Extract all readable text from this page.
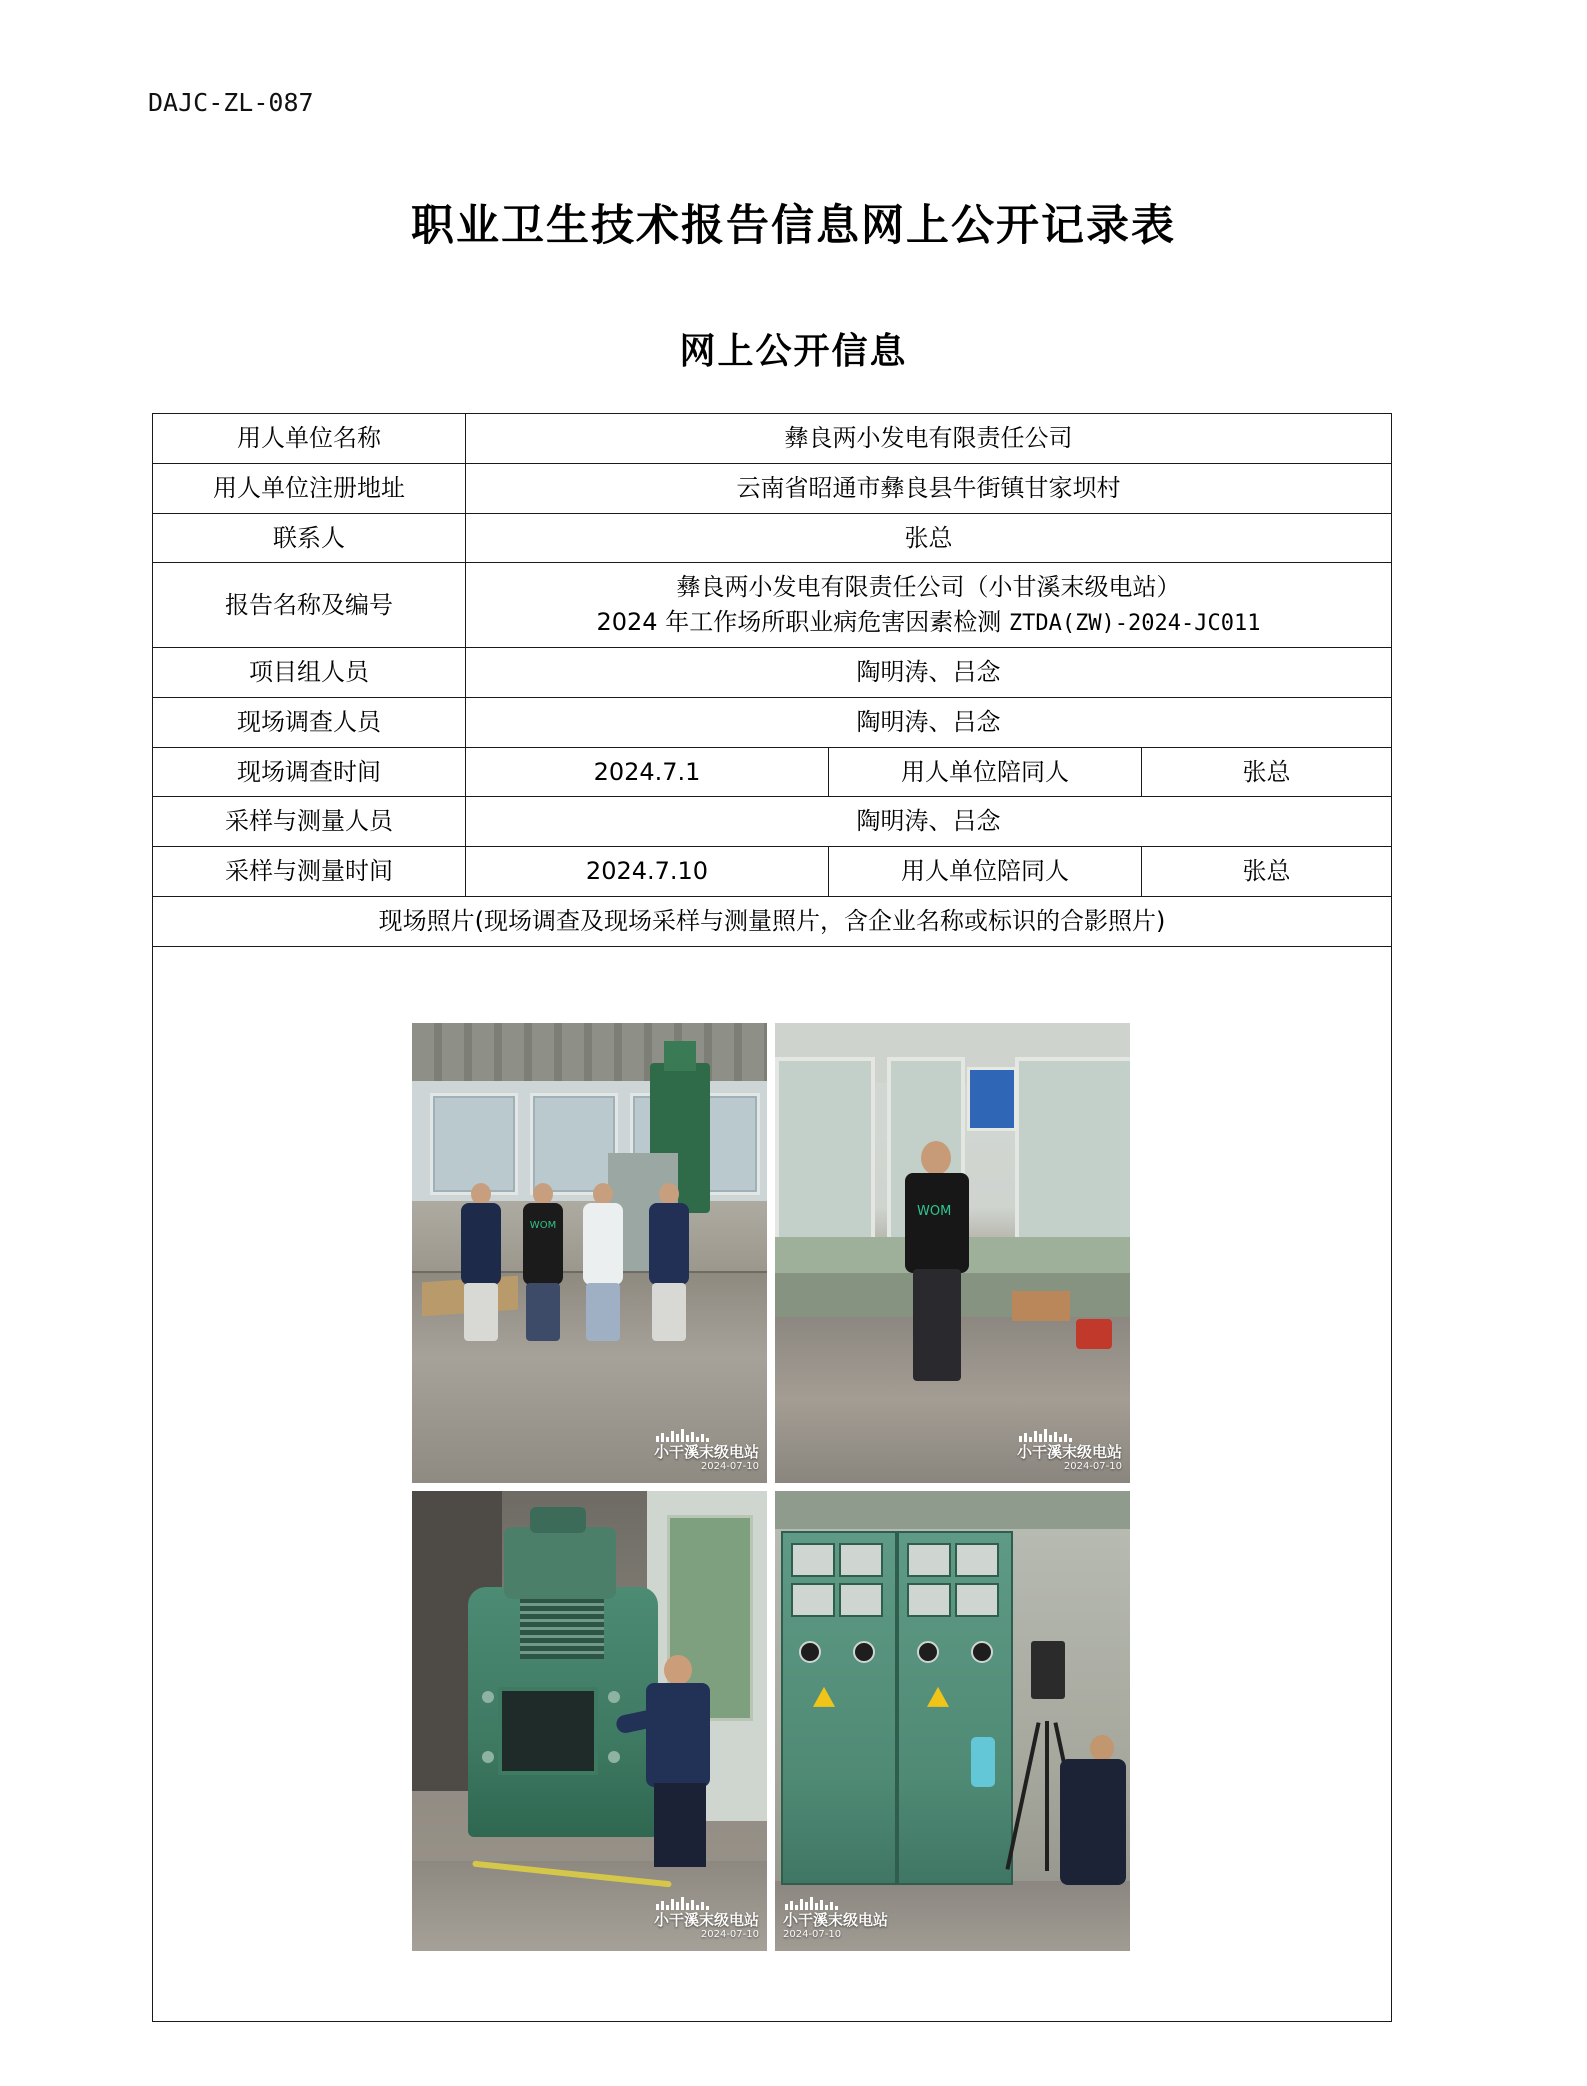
DAJC-ZL-087
职业卫生技术报告信息网上公开记录表
网上公开信息
用人单位名称	彝良两小发电有限责任公司		
用人单位注册地址	云南省昭通市彝良县牛街镇甘家坝村		
联系人	张总		
报告名称及编号	彝良两小发电有限责任公司（小甘溪末级电站）
2024 年工作场所职业病危害因素检测 ZTDA(ZW)-2024-JC011		

项目组人员	陶明涛、吕念		
现场调查人员	陶明涛、吕念		
现场调查时间	2024.7.1	用人单位陪同人	张总
采样与测量人员	陶明涛、吕念		
采样与测量时间	2024.7.10	用人单位陪同人	张总
现场照片(现场调查及现场采样与测量照片，含企业名称或标识的合影照片)			

WOM
小干溪末级电站
2024-07-10
WOM
小干溪末级电站
2024-07-10
小干溪末级电站
2024-07-10
小干溪末级电站
2024-07-10
